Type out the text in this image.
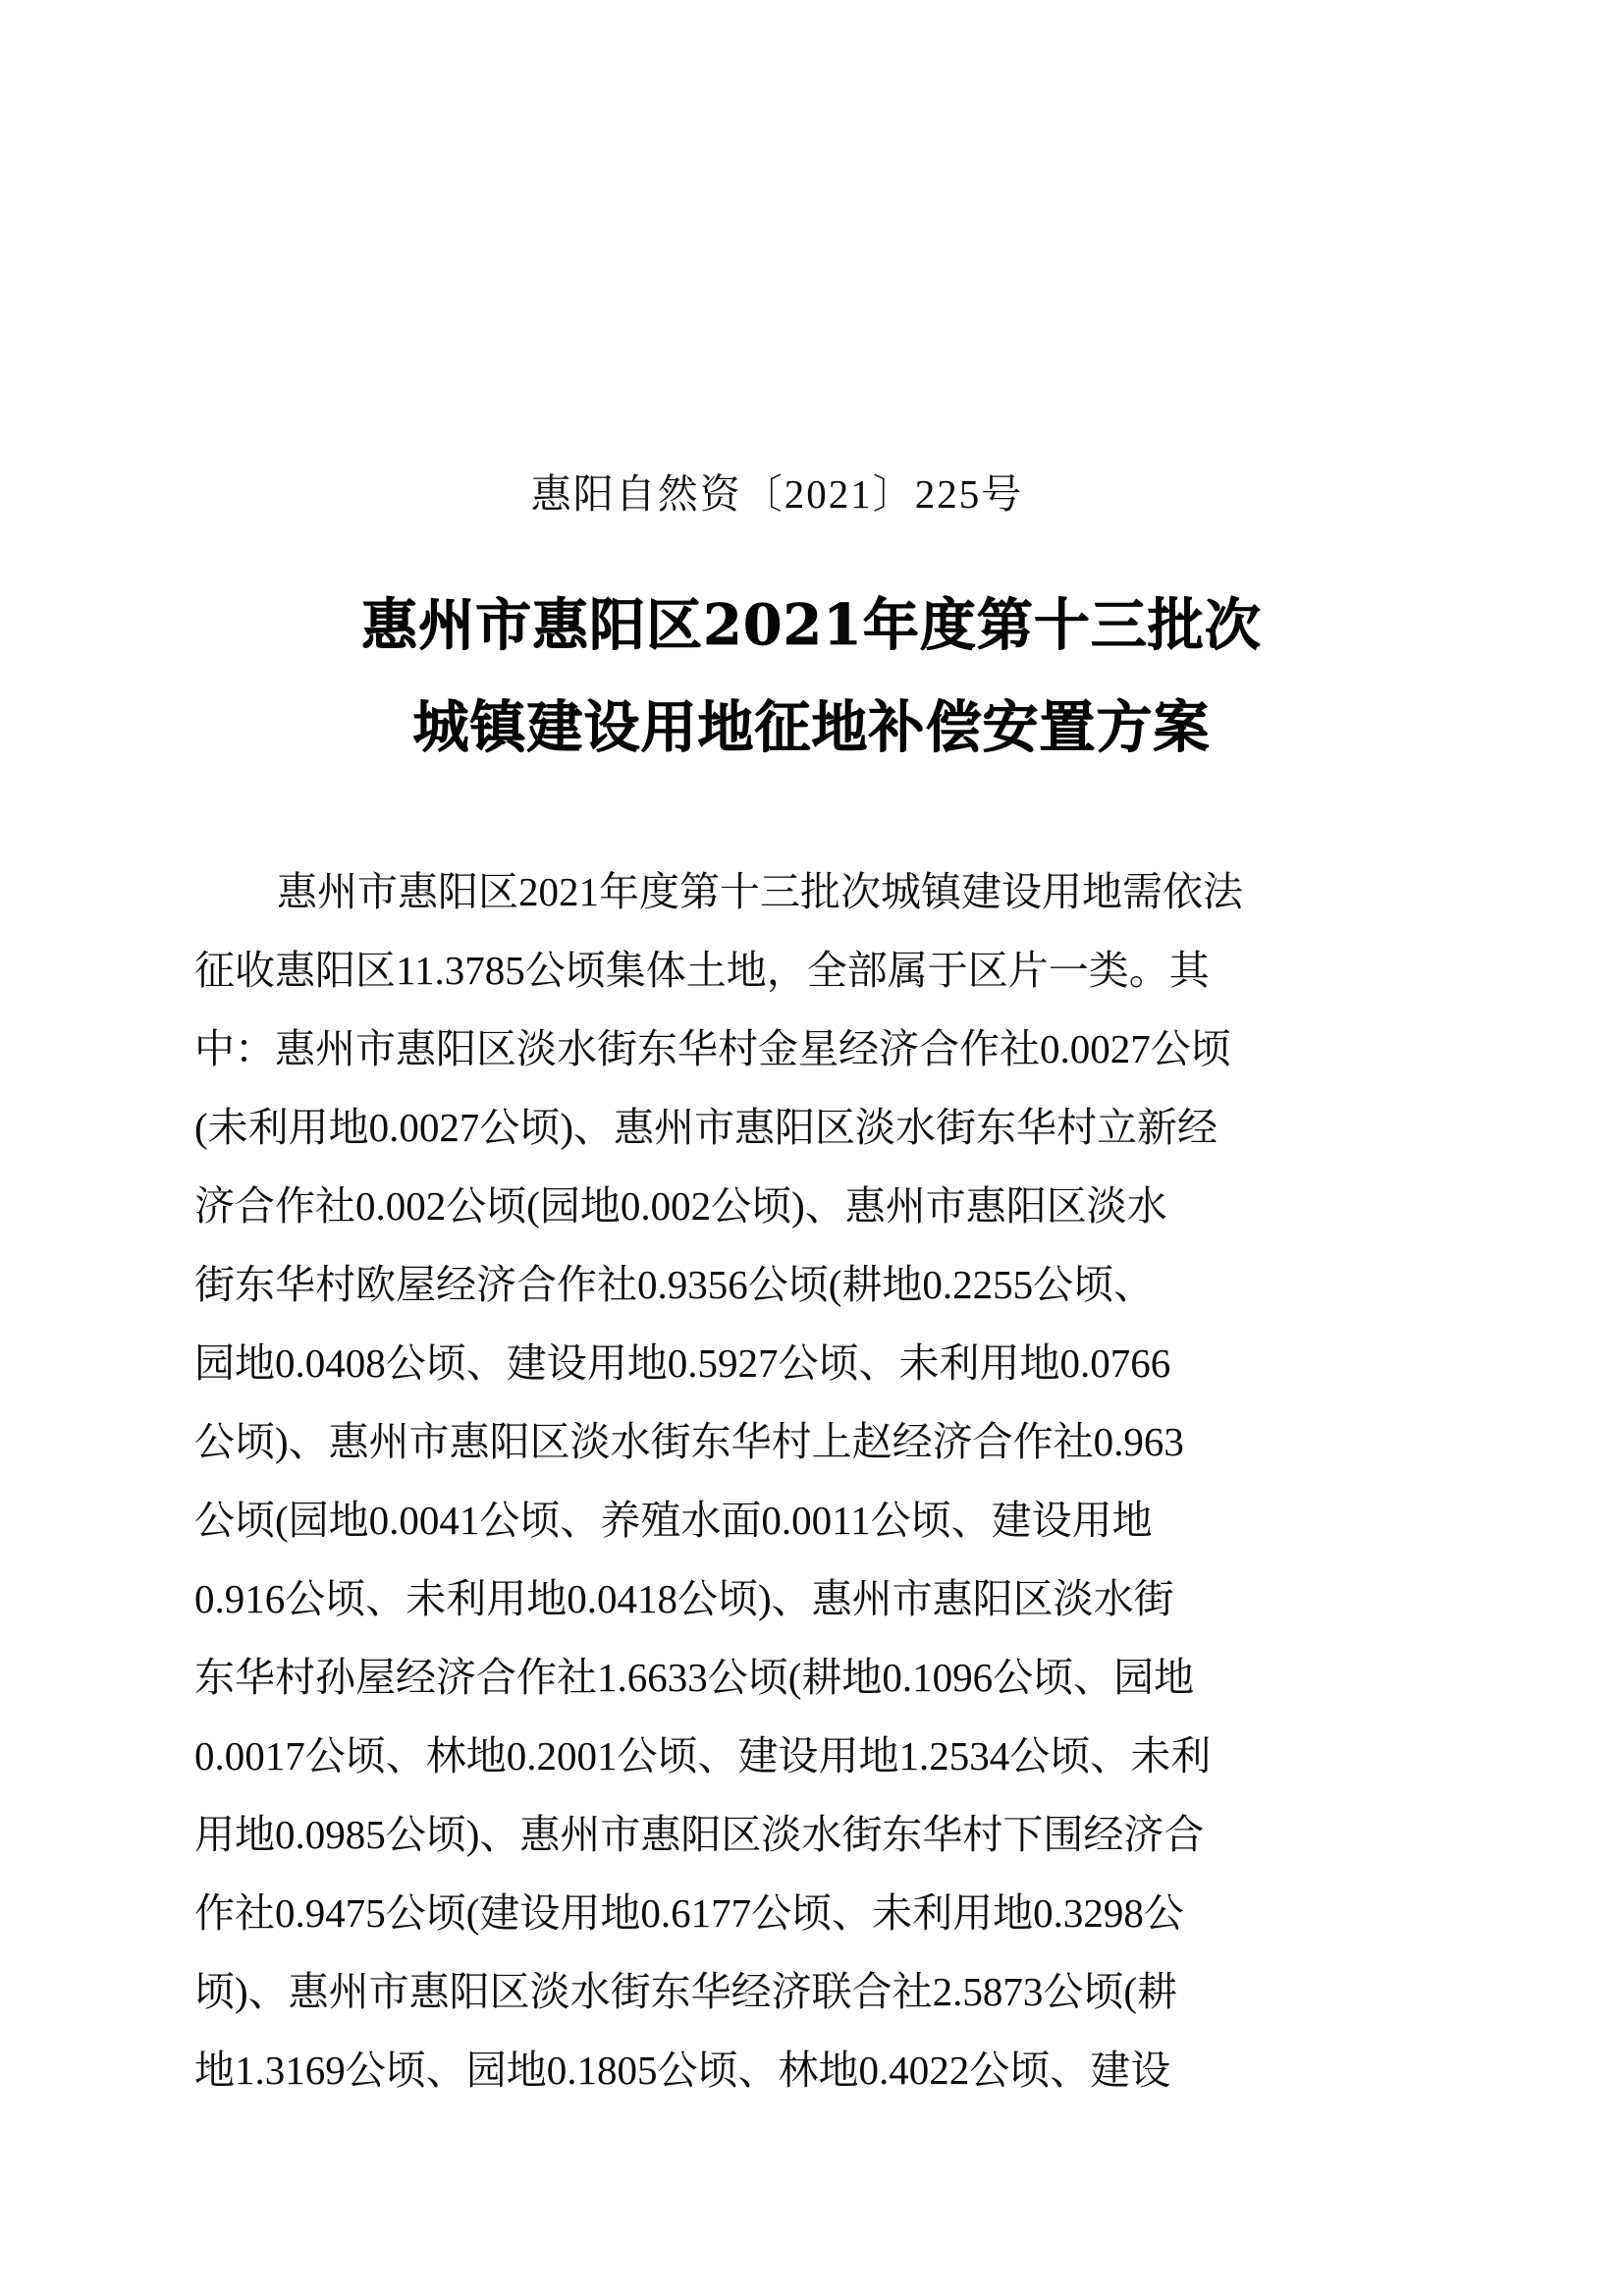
惠阳自然资〔2021〕225号
惠州市惠阳区2021年度第十三批次
城镇建设用地征地补偿安置方案
惠州市惠阳区2021年度第十三批次城镇建设用地需依法
征收惠阳区11.3785公顷集体土地，全部属于区片一类。其
中：惠州市惠阳区淡水街东华村金星经济合作社0.0027公顷
(未利用地0.0027公顷)、惠州市惠阳区淡水街东华村立新经
济合作社0.002公顷(园地0.002公顷)、惠州市惠阳区淡水
街东华村欧屋经济合作社0.9356公顷(耕地0.2255公顷、
园地0.0408公顷、建设用地0.5927公顷、未利用地0.0766
公顷)、惠州市惠阳区淡水街东华村上赵经济合作社0.963
公顷(园地0.0041公顷、养殖水面0.0011公顷、建设用地
0.916公顷、未利用地0.0418公顷)、惠州市惠阳区淡水街
东华村孙屋经济合作社1.6633公顷(耕地0.1096公顷、园地
0.0017公顷、林地0.2001公顷、建设用地1.2534公顷、未利
用地0.0985公顷)、惠州市惠阳区淡水街东华村下围经济合
作社0.9475公顷(建设用地0.6177公顷、未利用地0.3298公
顷)、惠州市惠阳区淡水街东华经济联合社2.5873公顷(耕
地1.3169公顷、园地0.1805公顷、林地0.4022公顷、建设
